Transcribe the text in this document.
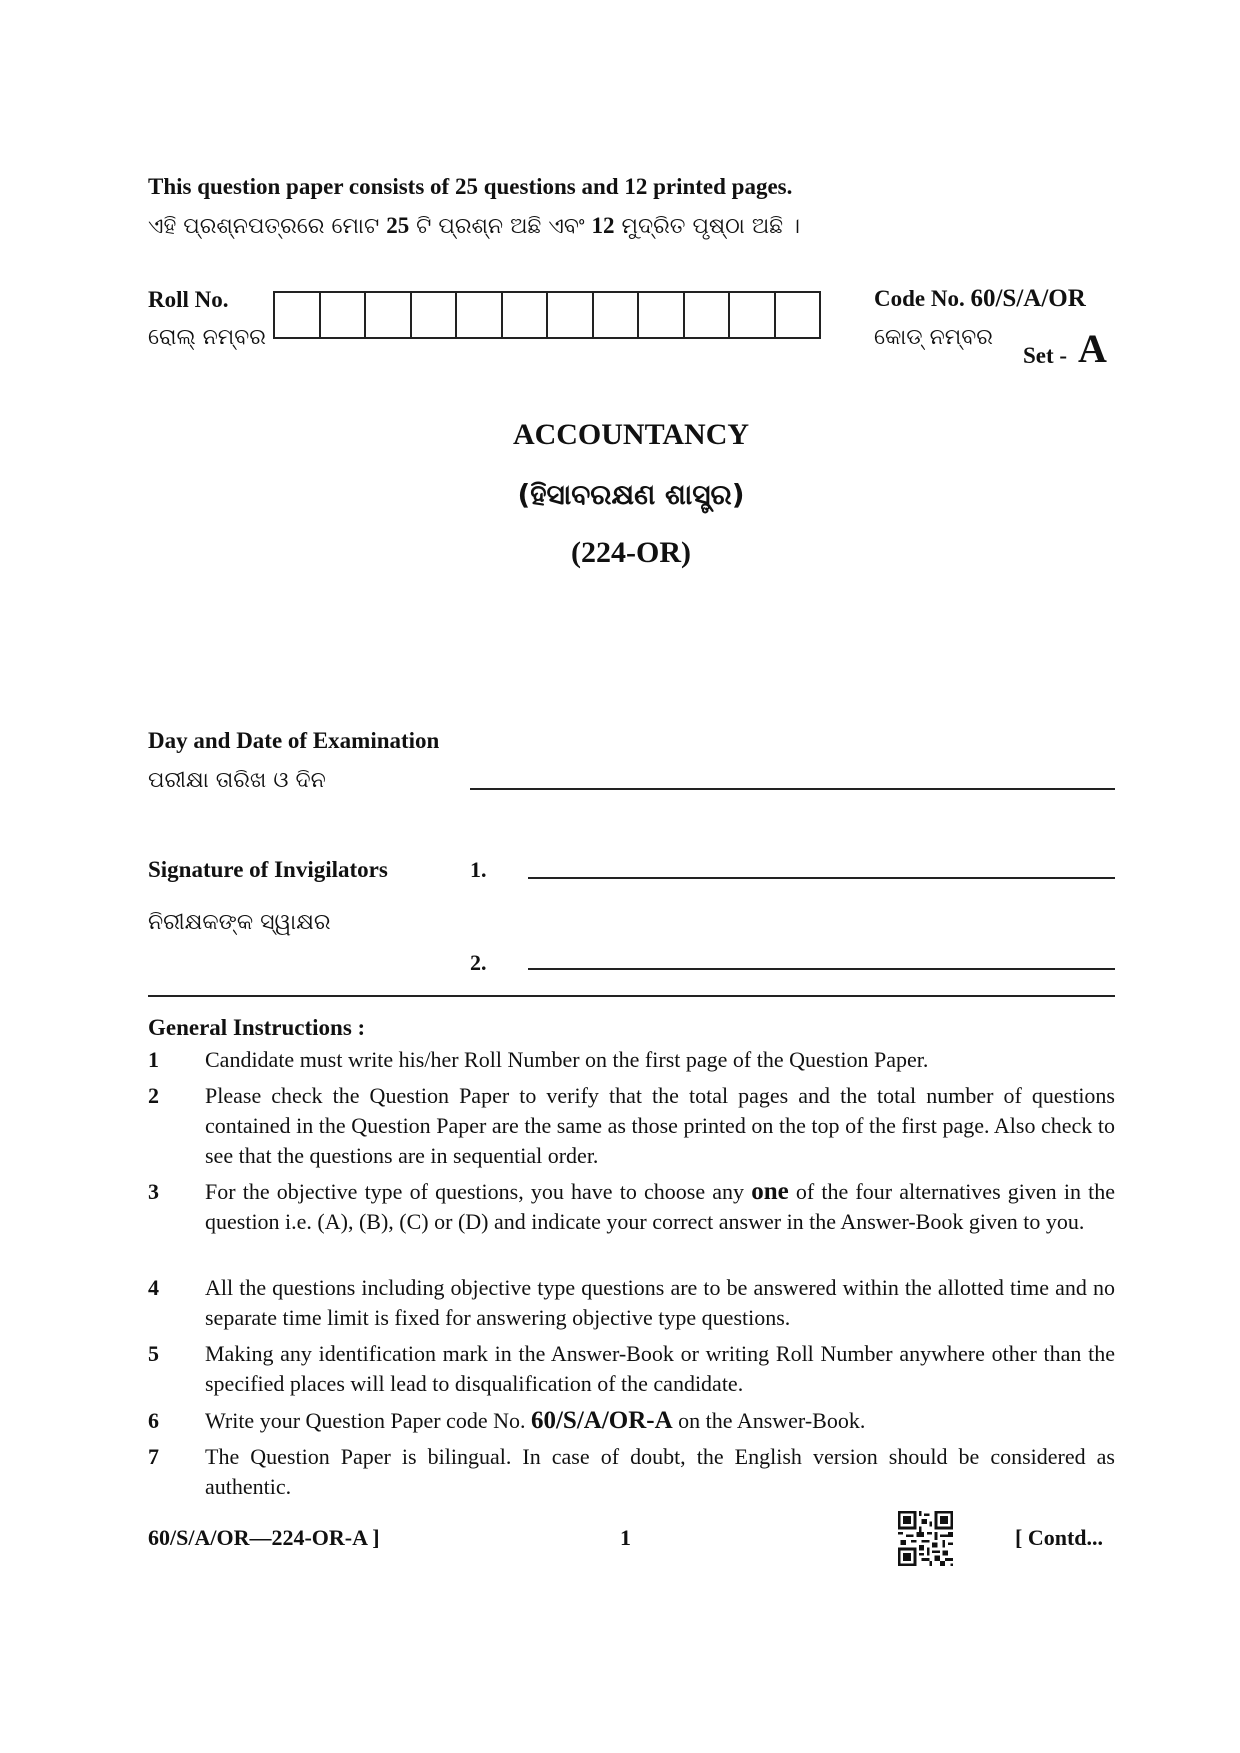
This question paper consists of 25 questions and 12 printed pages.
ଏହି ପ୍ରଶ୍ନପତ୍ରରେ ମୋଟ 25 ଟି ପ୍ରଶ୍ନ ଅଛି ଏବଂ 12 ମୁଦ୍ରିତ ପୃଷ୍ଠା ଅଛି ।
Roll No.
ରୋଲ୍ ନମ୍ବର
Code No. 60/S/A/OR
କୋଡ୍ ନମ୍ବର
Set - A
ACCOUNTANCY
(ହିସାବରକ୍ଷଣ ଶାସ୍ତ୍ର)
(224-OR)
Day and Date of Examination
ପରୀକ୍ଷା ତାରିଖ ଓ ଦିନ
Signature of Invigilators
ନିରୀକ୍ଷକଙ୍କ ସ୍ୱାକ୍ଷର
1.
2.
General Instructions :
1 Candidate must write his/her Roll Number on the first page of the Question Paper.
2 Please check the Question Paper to verify that the total pages and the total number of questions contained in the Question Paper are the same as those printed on the top of the first page. Also check to see that the questions are in sequential order.
3 For the objective type of questions, you have to choose any one of the four alternatives given in the question i.e. (A), (B), (C) or (D) and indicate your correct answer in the Answer-Book given to you.
4 All the questions including objective type questions are to be answered within the allotted time and no separate time limit is fixed for answering objective type questions.
5 Making any identification mark in the Answer-Book or writing Roll Number anywhere other than the specified places will lead to disqualification of the candidate.
6 Write your Question Paper code No. 60/S/A/OR-A on the Answer-Book.
7 The Question Paper is bilingual. In case of doubt, the English version should be considered as authentic.
60/S/A/OR—224-OR-A ]	1	[ Contd...
